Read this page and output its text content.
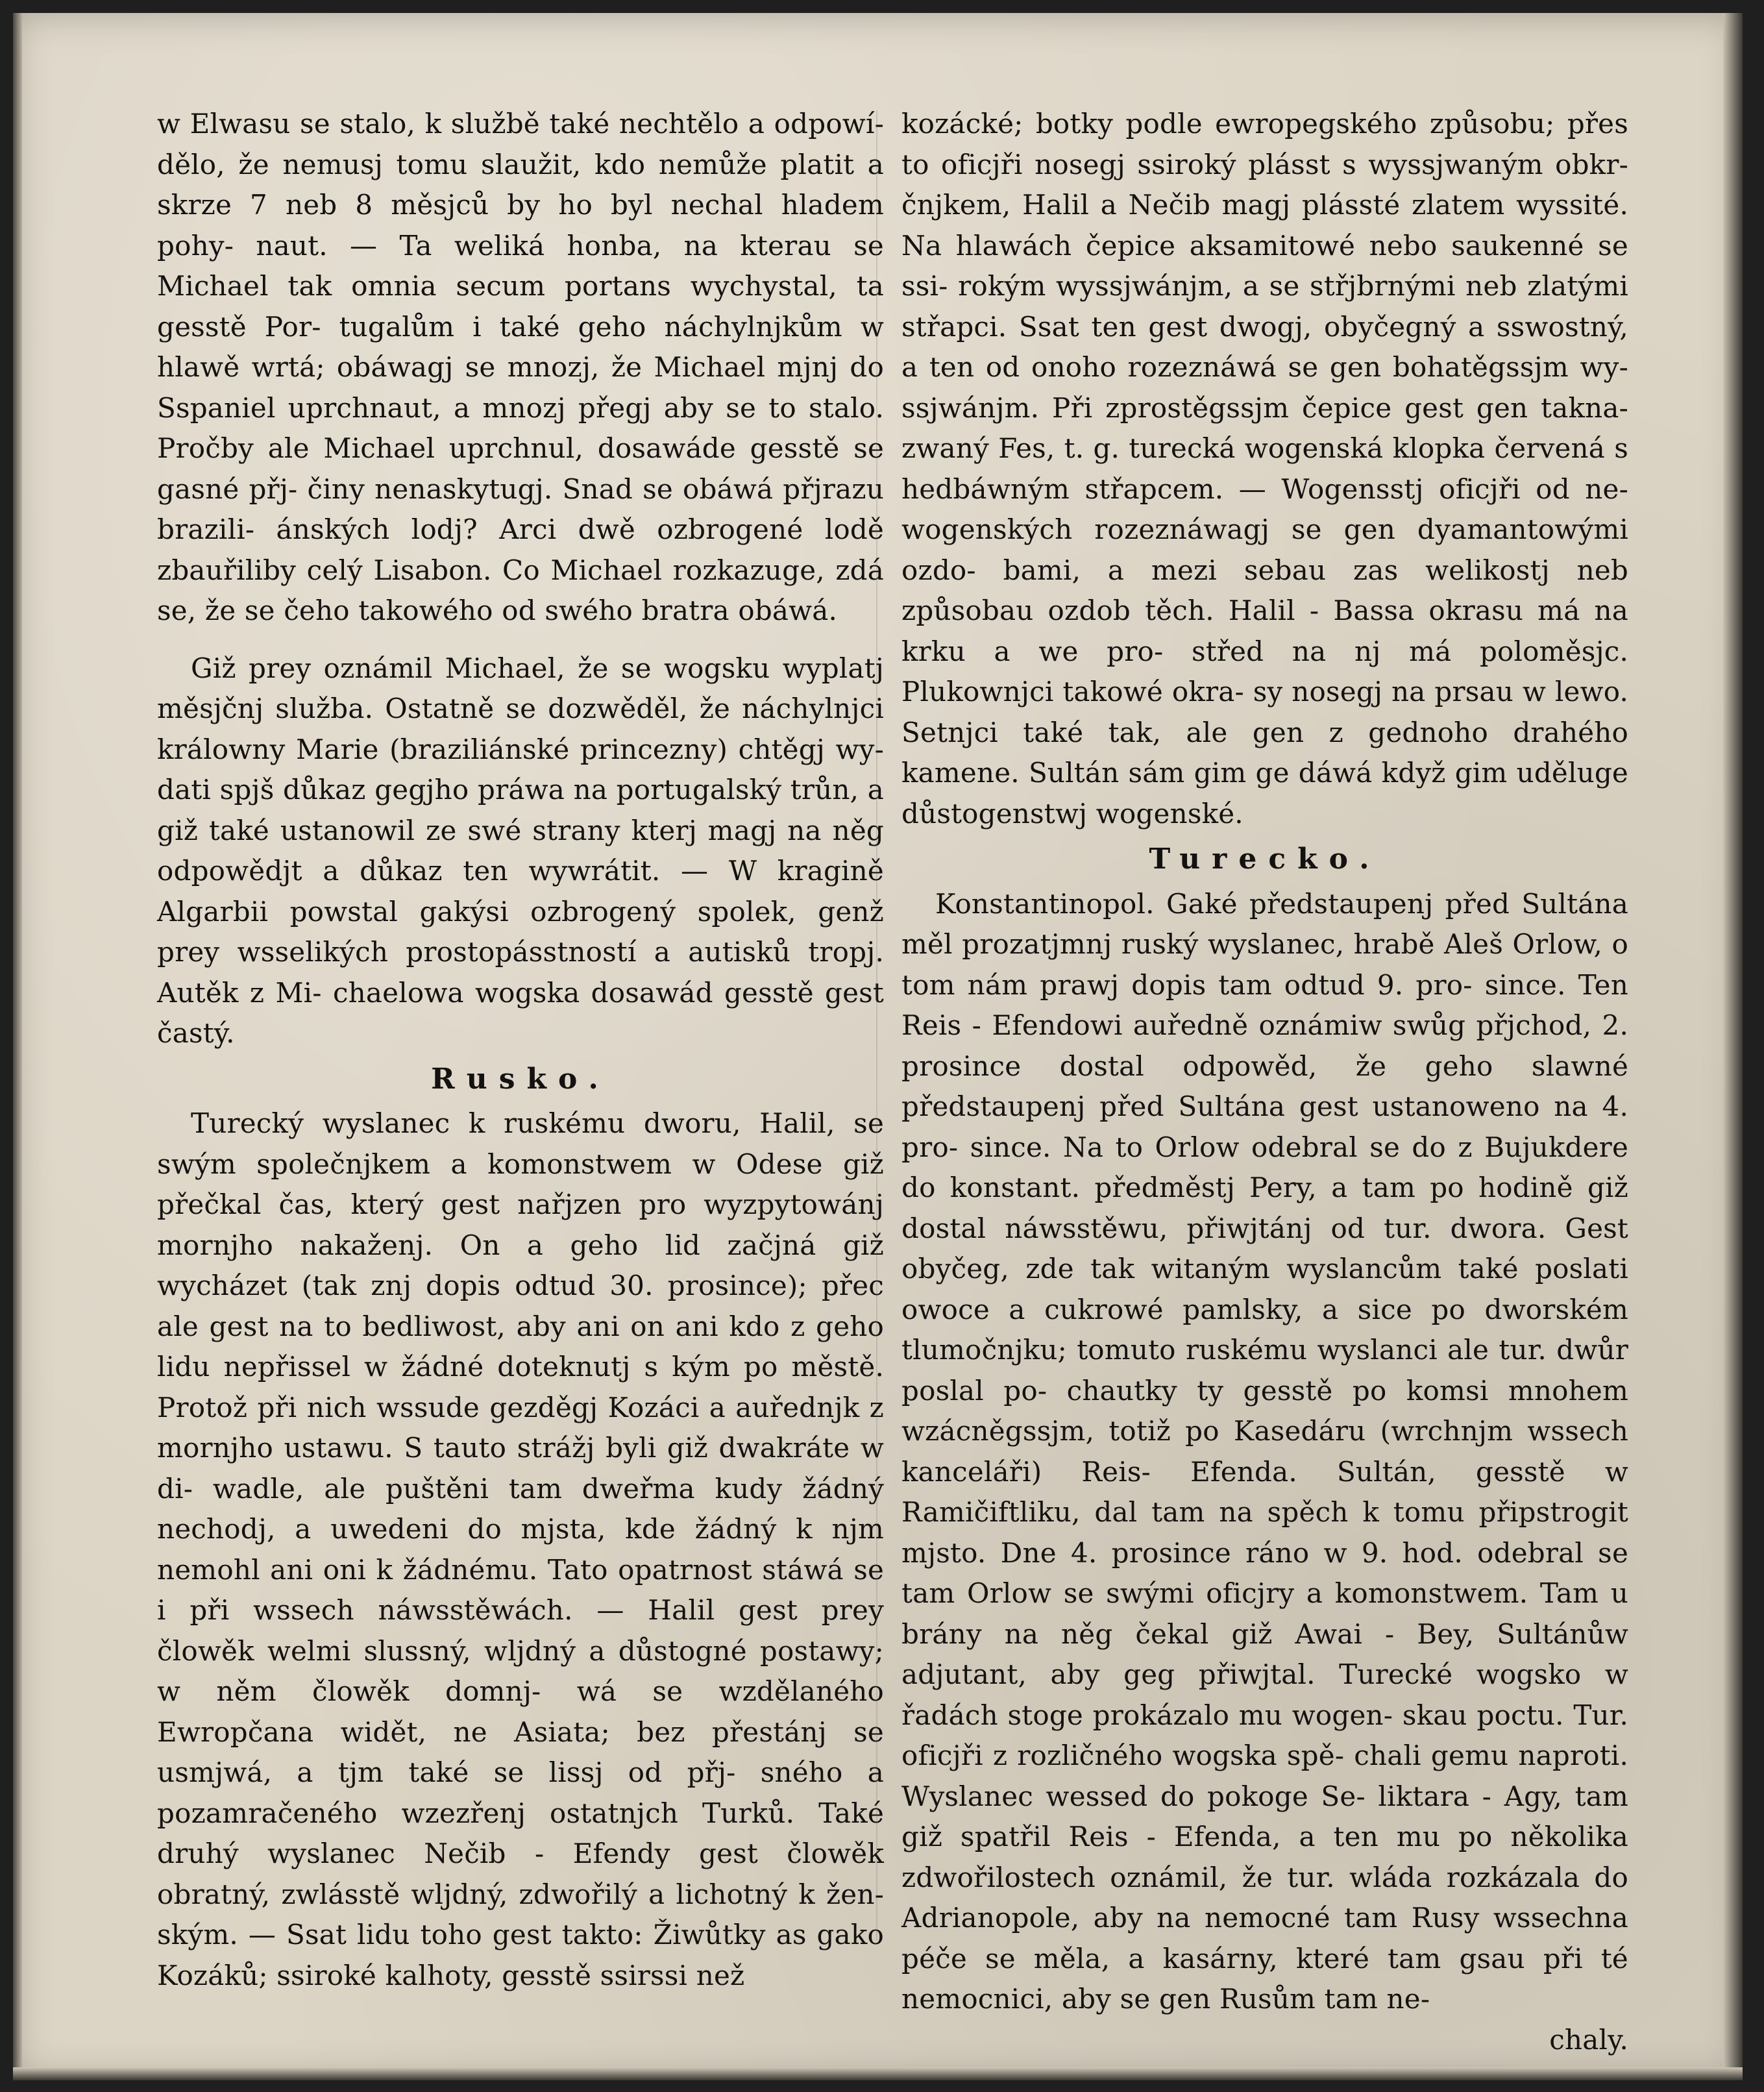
w Elwasu se stalo, k službě také nechtělo a odpowí- dělo, že nemusj tomu slaužit, kdo nemůže platit a skrze 7 neb 8 měsjců by ho byl nechal hladem pohy- naut. — Ta weliká honba, na kterau se Michael tak omnia secum portans wychystal, ta gesstě Por- tugalům i také geho náchylnjkům w hlawě wrtá; obáwagj se mnozj, že Michael mjnj do Sspaniel uprchnaut, a mnozj přegj aby se to stalo. Pročby ale Michael uprchnul, dosawáde gesstě se gasné přj- činy nenaskytugj. Snad se obáwá přjrazu brazili- ánských lodj? Arci dwě ozbrogené lodě zbauřiliby celý Lisabon. Co Michael rozkazuge, zdá se, že se čeho takowého od swého bratra obáwá.

Giž prey oznámil Michael, že se wogsku wyplatj měsjčnj služba. Ostatně se dozwěděl, že náchylnjci králowny Marie (braziliánské princezny) chtěgj wy- dati spjš důkaz gegjho práwa na portugalský trůn, a giž také ustanowil ze swé strany kterj magj na něg odpowědjt a důkaz ten wywrátit. — W kragině Algarbii powstal gakýsi ozbrogený spolek, genž prey wsselikých prostopásstností a autisků tropj. Autěk z Mi- chaelowa wogska dosawád gesstě gest častý.

Rusko.

Turecký wyslanec k ruskému dworu, Halil, se swým společnjkem a komonstwem w Odese giž přečkal čas, který gest nařjzen pro wyzpytowánj mornjho nakaženj. On a geho lid začjná giž wycházet (tak znj dopis odtud 30. prosince); přec ale gest na to bedliwost, aby ani on ani kdo z geho lidu nepřissel w žádné doteknutj s kým po městě. Protož při nich wssude gezděgj Kozáci a auřednjk z mornjho ustawu. S tauto strážj byli giž dwakráte w di- wadle, ale puštěni tam dweřma kudy žádný nechodj, a uwedeni do mjsta, kde žádný k njm nemohl ani oni k žádnému. Tato opatrnost stáwá se i při wssech náwsstěwách. — Halil gest prey člowěk welmi slussný, wljdný a důstogné postawy; w něm člowěk domnj- wá se wzdělaného Ewropčana widět, ne Asiata; bez přestánj se usmjwá, a tjm také se lissj od přj- sného a pozamračeného wzezřenj ostatnjch Turků. Také druhý wyslanec Nečib - Efendy gest člowěk obratný, zwlásstě wljdný, zdwořilý a lichotný k žen- ským. — Ssat lidu toho gest takto: Žiwůtky as gako Kozáků; ssiroké kalhoty, gesstě ssirssi než

kozácké; botky podle ewropegského způsobu; přes to oficjři nosegj ssiroký plásst s wyssjwaným obkr- čnjkem, Halil a Nečib magj plássté zlatem wyssité. Na hlawách čepice aksamitowé nebo saukenné se ssi- rokým wyssjwánjm, a se střjbrnými neb zlatými střapci. Ssat ten gest dwogj, obyčegný a sswostný, a ten od onoho rozeznáwá se gen bohatěgssjm wy- ssjwánjm. Při zprostěgssjm čepice gest gen takna- zwaný Fes, t. g. turecká wogenská klopka červená s hedbáwným střapcem. — Wogensstj oficjři od ne- wogenských rozeznáwagj se gen dyamantowými ozdo- bami, a mezi sebau zas welikostj neb způsobau ozdob těch. Halil - Bassa okrasu má na krku a we pro- střed na nj má poloměsjc. Plukownjci takowé okra- sy nosegj na prsau w lewo. Setnjci také tak, ale gen z gednoho drahého kamene. Sultán sám gim ge dáwá když gim uděluge důstogenstwj wogenské.

Turecko.

Konstantinopol. Gaké předstaupenj před Sultána měl prozatjmnj ruský wyslanec, hrabě Aleš Orlow, o tom nám prawj dopis tam odtud 9. pro- since. Ten Reis - Efendowi auředně oznámiw swůg přjchod, 2. prosince dostal odpowěd, že geho slawné předstaupenj před Sultána gest ustanoweno na 4. pro- since. Na to Orlow odebral se do z Bujukdere do konstant. předměstj Pery, a tam po hodině giž dostal náwsstěwu, přiwjtánj od tur. dwora. Gest obyčeg, zde tak witaným wyslancům také poslati owoce a cukrowé pamlsky, a sice po dworském tlumočnjku; tomuto ruskému wyslanci ale tur. dwůr poslal po- chautky ty gesstě po komsi mnohem wzácněgssjm, totiž po Kasedáru (wrchnjm wssech kanceláři) Reis- Efenda. Sultán, gesstě w Ramičiftliku, dal tam na spěch k tomu připstrogit mjsto. Dne 4. prosince ráno w 9. hod. odebral se tam Orlow se swými oficjry a komonstwem. Tam u brány na něg čekal giž Awai - Bey, Sultánůw adjutant, aby geg přiwjtal. Turecké wogsko w řadách stoge prokázalo mu wogen- skau poctu. Tur. oficjři z rozličného wogska spě- chali gemu naproti. Wyslanec wessed do pokoge Se- liktara - Agy, tam giž spatřil Reis - Efenda, a ten mu po několika zdwořilostech oznámil, že tur. wláda rozkázala do Adrianopole, aby na nemocné tam Rusy wssechna péče se měla, a kasárny, které tam gsau při té nemocnici, aby se gen Rusům tam ne-

chaly.
